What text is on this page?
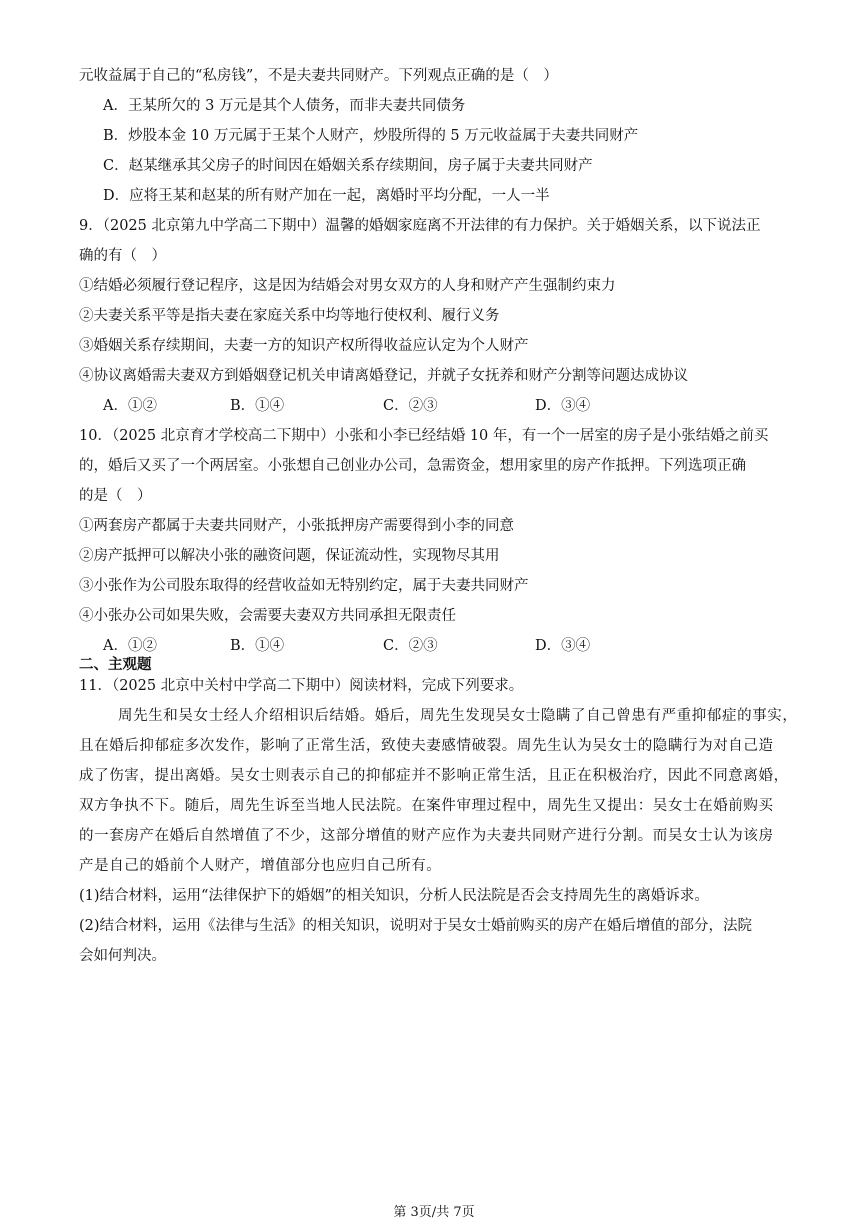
元收益属于自己的“私房钱”，不是夫妻共同财产。下列观点正确的是（　）
A．王某所欠的 3 万元是其个人债务，而非夫妻共同债务
B．炒股本金 10 万元属于王某个人财产，炒股所得的 5 万元收益属于夫妻共同财产
C．赵某继承其父房子的时间因在婚姻关系存续期间，房子属于夫妻共同财产
D．应将王某和赵某的所有财产加在一起，离婚时平均分配，一人一半
9．（2025 北京第九中学高二下期中）温馨的婚姻家庭离不开法律的有力保护。关于婚姻关系，以下说法正
确的有（　）
①结婚必须履行登记程序，这是因为结婚会对男女双方的人身和财产产生强制约束力
②夫妻关系平等是指夫妻在家庭关系中均等地行使权利、履行义务
③婚姻关系存续期间，夫妻一方的知识产权所得收益应认定为个人财产
④协议离婚需夫妻双方到婚姻登记机关申请离婚登记，并就子女抚养和财产分割等问题达成协议
A．①②	B．①④	C．②③	D．③④
10．（2025 北京育才学校高二下期中）小张和小李已经结婚 10 年，有一个一居室的房子是小张结婚之前买
的，婚后又买了一个两居室。小张想自己创业办公司，急需资金，想用家里的房产作抵押。下列选项正确
的是（　）
①两套房产都属于夫妻共同财产，小张抵押房产需要得到小李的同意
②房产抵押可以解决小张的融资问题，保证流动性，实现物尽其用
③小张作为公司股东取得的经营收益如无特别约定，属于夫妻共同财产
④小张办公司如果失败，会需要夫妻双方共同承担无限责任
A．①②	B．①④	C．②③	D．③④
二、主观题
11．（2025 北京中关村中学高二下期中）阅读材料，完成下列要求。
周先生和吴女士经人介绍相识后结婚。婚后，周先生发现吴女士隐瞒了自己曾患有严重抑郁症的事实，
且在婚后抑郁症多次发作，影响了正常生活，致使夫妻感情破裂。周先生认为吴女士的隐瞒行为对自己造
成了伤害，提出离婚。吴女士则表示自己的抑郁症并不影响正常生活，且正在积极治疗，因此不同意离婚，
双方争执不下。随后，周先生诉至当地人民法院。在案件审理过程中，周先生又提出：吴女士在婚前购买
的一套房产在婚后自然增值了不少，这部分增值的财产应作为夫妻共同财产进行分割。而吴女士认为该房
产是自己的婚前个人财产，增值部分也应归自己所有。
(1)结合材料，运用“法律保护下的婚姻”的相关知识，分析人民法院是否会支持周先生的离婚诉求。
(2)结合材料，运用《法律与生活》的相关知识，说明对于吴女士婚前购买的房产在婚后增值的部分，法院
会如何判决。
第 3页/共 7页
